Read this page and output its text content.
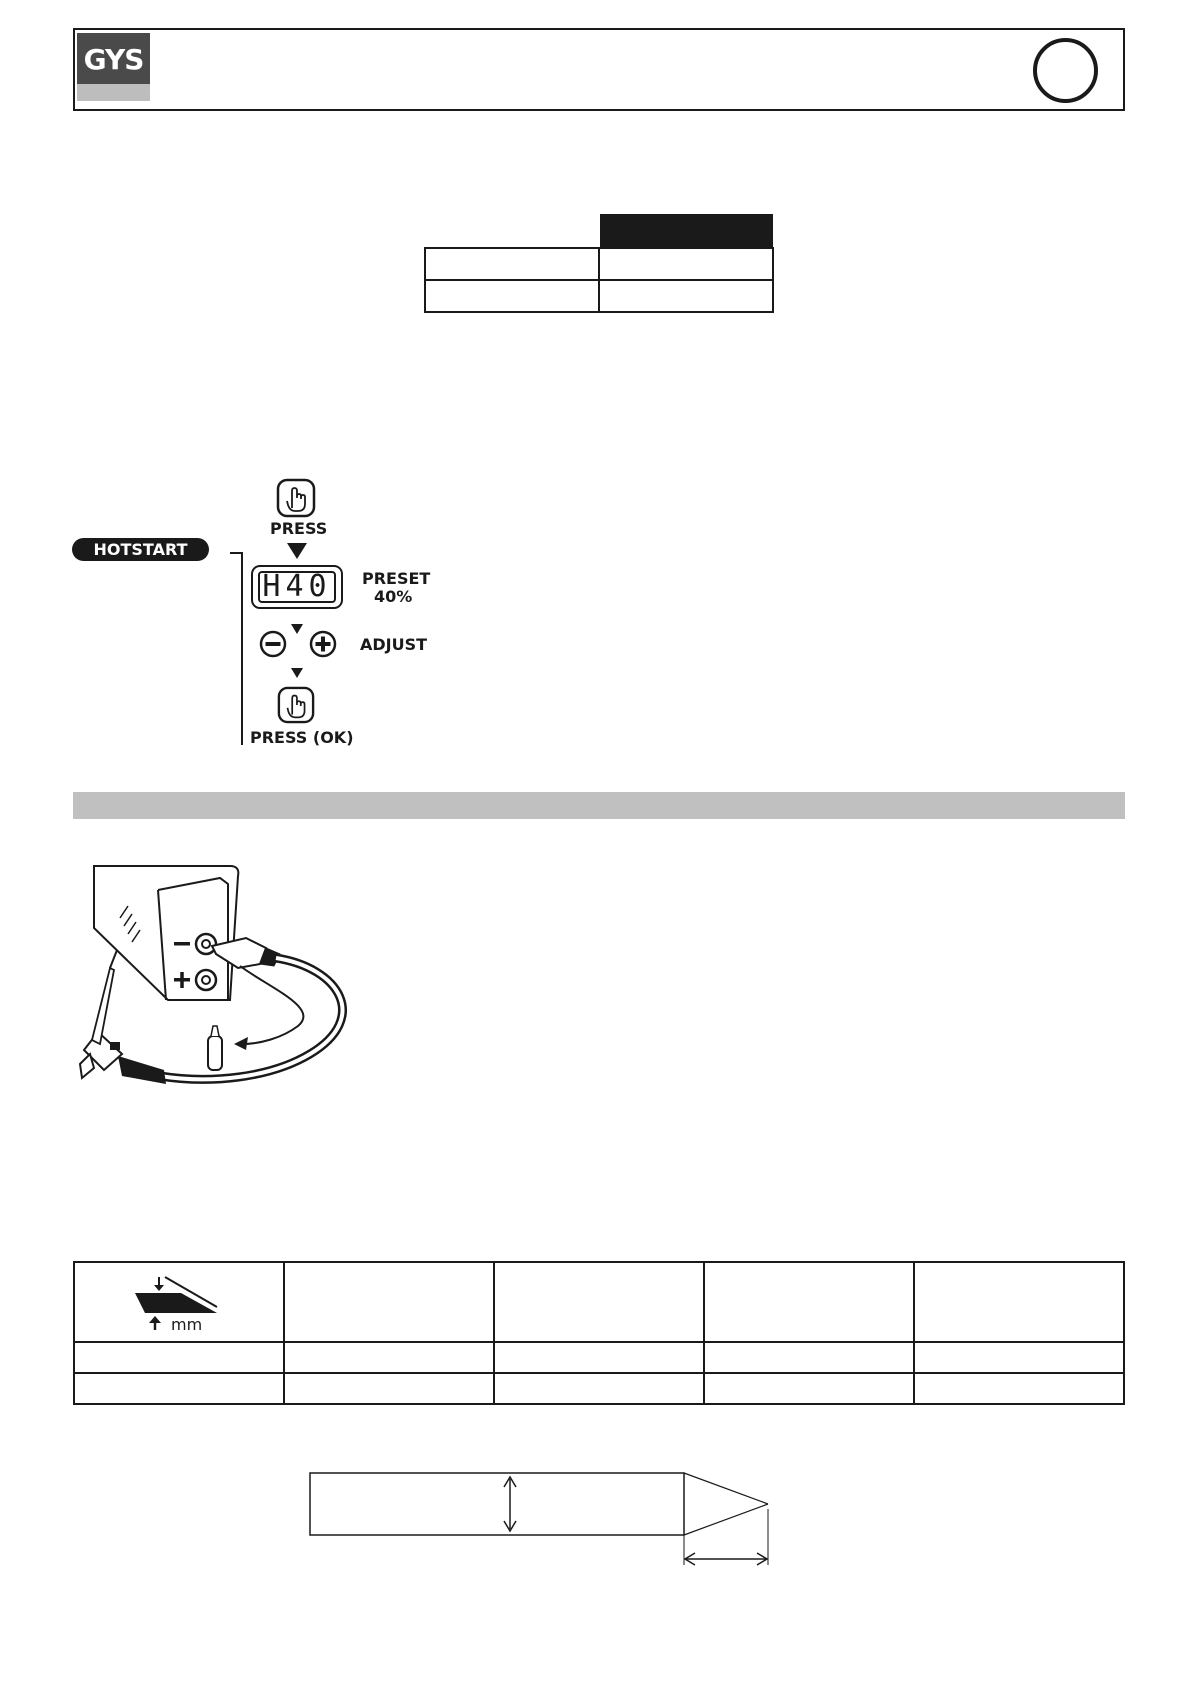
GYS

HOTSTART
PRESS
H40 PRESET
40%
ADJUST
PRESS (OK)
mm				
